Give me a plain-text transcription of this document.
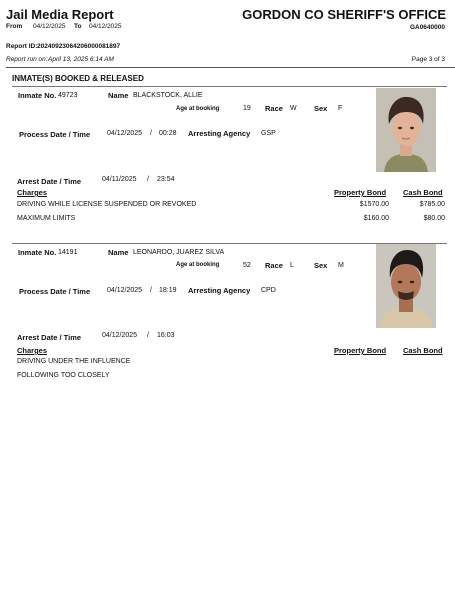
Jail Media Report	GORDON CO SHERIFF'S OFFICE
From 04/12/2025 To 04/12/2025	GA0640000
Report ID: 20240923064206000081897
Report run on: April 13, 2025 6:14 AM	Page 3 of 3
INMATE(S) BOOKED & RELEASED
Inmate No. 49723	Name BLACKSTOCK, ALLIE
Age at booking	19 Race W Sex F
Process Date / Time 04/12/2025 / 00:28 Arresting Agency GSP
Arrest Date / Time	04/11/2025 / 23:54
Charges	Property Bond Cash Bond
DRIVING WHILE LICENSE SUSPENDED OR REVOKED	$1570.00	$785.00
MAXIMUM LIMITS	$160.00	$80.00
Inmate No. 14191	Name LEONARDO, JUAREZ SILVA
Age at booking	52 Race L	Sex M
Process Date / Time 04/12/2025 / 18:19 Arresting Agency CPD
Arrest Date / Time	04/12/2025 / 16:03
Charges	Property Bond Cash Bond
DRIVING UNDER THE INFLUENCE
FOLLOWING TOO CLOSELY
